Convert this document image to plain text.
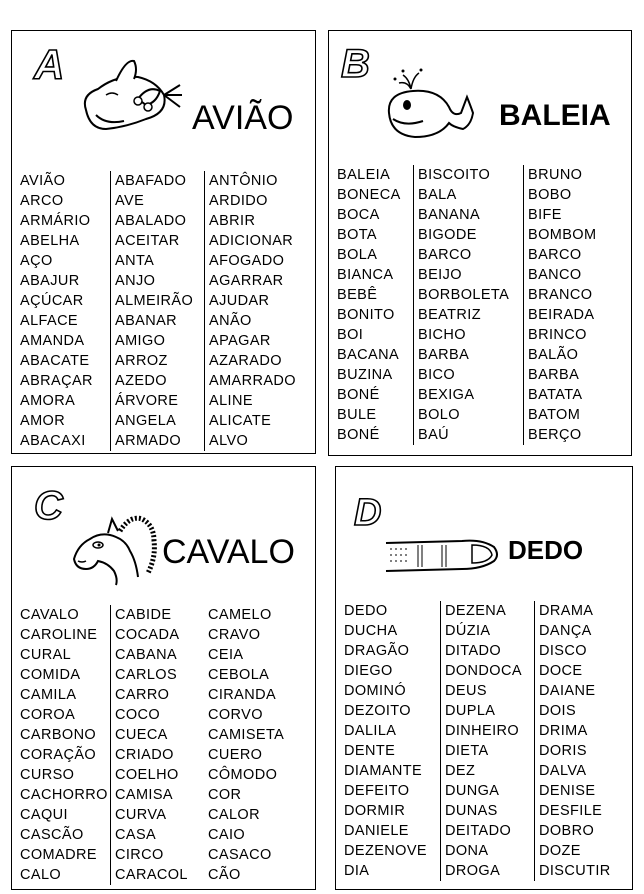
A
AVIÃO
AVIÃO
ARCO
ARMÁRIO
ABELHA
AÇO
ABAJUR
AÇÚCAR
ALFACE
AMANDA
ABACATE
ABRAÇAR
AMORA
AMOR
ABACAXI
ABAFADO
AVE
ABALADO
ACEITAR
ANTA
ANJO
ALMEIRÃO
ABANAR
AMIGO
ARROZ
AZEDO
ÁRVORE
ANGELA
ARMADO
ANTÔNIO
ARDIDO
ABRIR
ADICIONAR
AFOGADO
AGARRAR
AJUDAR
ANÃO
APAGAR
AZARADO
AMARRADO
ALINE
ALICATE
ALVO
B
BALEIA
BALEIA
BONECA
BOCA
BOTA
BOLA
BIANCA
BEBÊ
BONITO
BOI
BACANA
BUZINA
BONÉ
BULE
BONÉ
BISCOITO
BALA
BANANA
BIGODE
BARCO
BEIJO
BORBOLETA
BEATRIZ
BICHO
BARBA
BICO
BEXIGA
BOLO
BAÚ
BRUNO
BOBO
BIFE
BOMBOM
BARCO
BANCO
BRANCO
BEIRADA
BRINCO
BALÃO
BARBA
BATATA
BATOM
BERÇO
C
CAVALO
CAVALO
CAROLINE
CURAL
COMIDA
CAMILA
COROA
CARBONO
CORAÇÃO
CURSO
CACHORRO
CAQUI
CASCÃO
COMADRE
CALO
CABIDE
COCADA
CABANA
CARLOS
CARRO
COCO
CUECA
CRIADO
COELHO
CAMISA
CURVA
CASA
CIRCO
CARACOL
CAMELO
CRAVO
CEIA
CEBOLA
CIRANDA
CORVO
CAMISETA
CUERO
CÔMODO
COR
CALOR
CAIO
CASACO
CÃO
D
DEDO
DEDO
DUCHA
DRAGÃO
DIEGO
DOMINÓ
DEZOITO
DALILA
DENTE
DIAMANTE
DEFEITO
DORMIR
DANIELE
DEZENOVE
DIA
DEZENA
DÚZIA
DITADO
DONDOCA
DEUS
DUPLA
DINHEIRO
DIETA
DEZ
DUNGA
DUNAS
DEITADO
DONA
DROGA
DRAMA
DANÇA
DISCO
DOCE
DAIANE
DOIS
DRIMA
DORIS
DALVA
DENISE
DESFILE
DOBRO
DOZE
DISCUTIR
